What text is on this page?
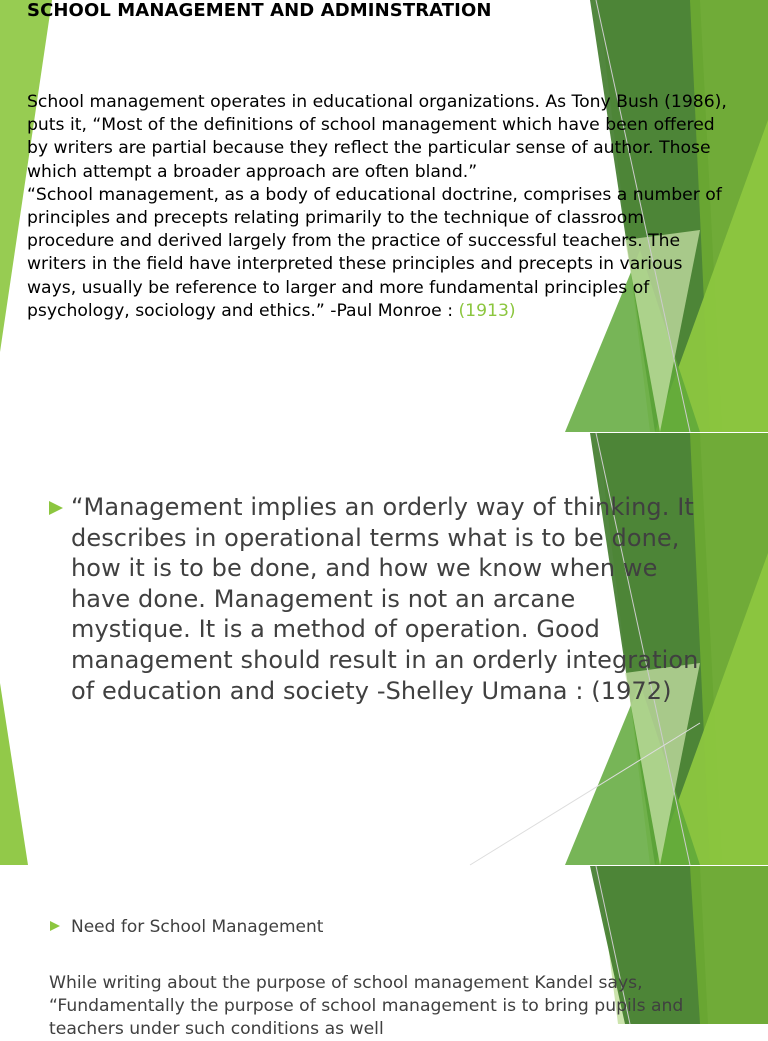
SCHOOL MANAGEMENT AND ADMINSTRATION

School management operates in educational organizations. As Tony Bush (1986), puts it, “Most of the definitions of school management which have been offered by writers are partial because they reflect the particular sense of author. Those which attempt a broader approach are often bland.”

“School management, as a body of educational doctrine, comprises a number of principles and precepts relating primarily to the technique of classroom procedure and derived largely from the practice of successful teachers. The writers in the field have interpreted these principles and precepts in various ways, usually be reference to larger and more fundamental principles of psychology, sociology and ethics.” -Paul Monroe : (1913)

“Management implies an orderly way of thinking. It describes in operational terms what is to be done, how it is to be done, and how we know when we have done. Management is not an arcane mystique. It is a method of operation. Good management should result in an orderly integration of education and society -Shelley Umana : (1972)
Need for School Management
While writing about the purpose of school management Kandel says, “Fundamentally the purpose of school management is to bring pupils and teachers under such conditions as well
